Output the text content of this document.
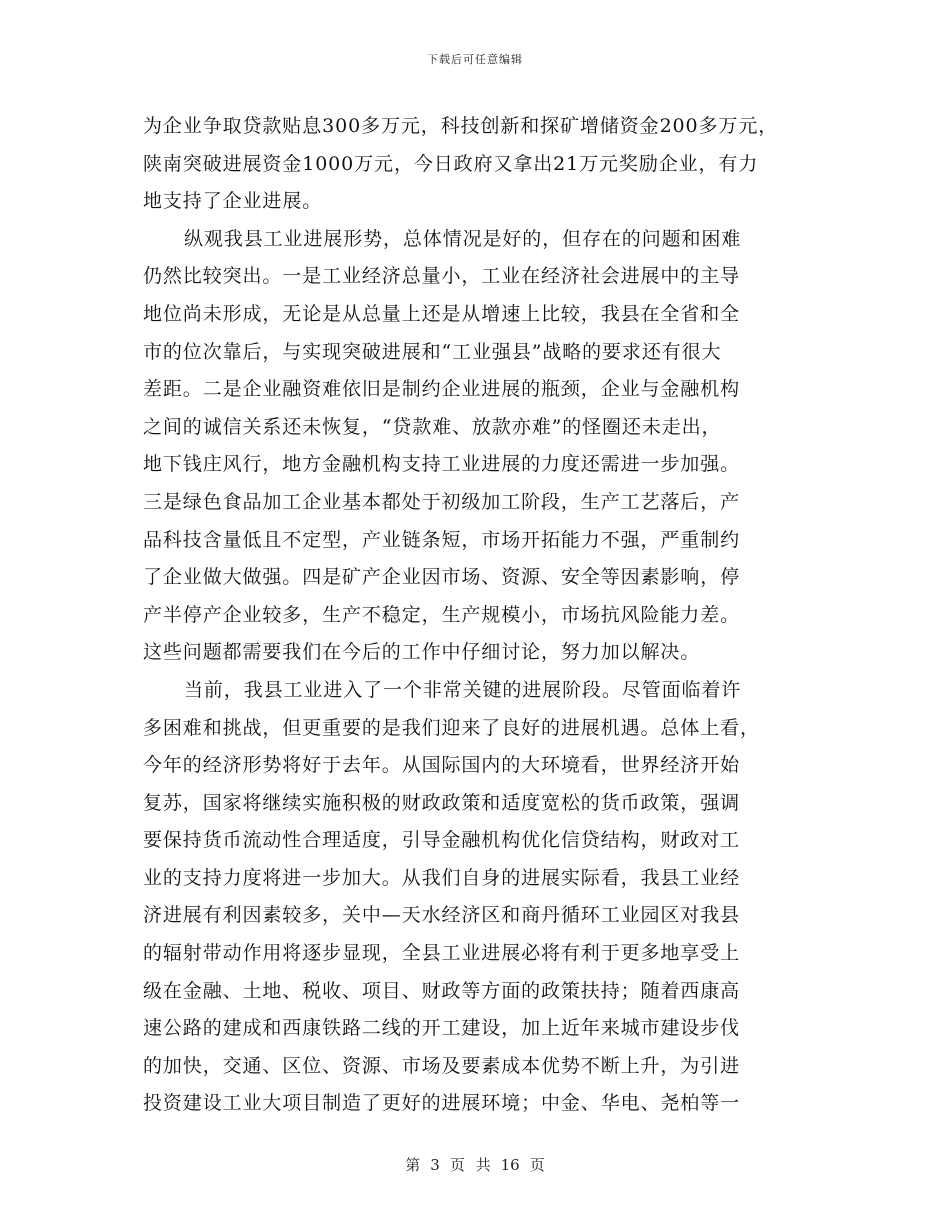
下载后可任意编辑
为企业争取贷款贴息300多万元，科技创新和探矿增储资金200多万元，
陕南突破进展资金1000万元，今日政府又拿出21万元奖励企业，有力
地支持了企业进展。
纵观我县工业进展形势，总体情况是好的，但存在的问题和困难
仍然比较突出。一是工业经济总量小，工业在经济社会进展中的主导
地位尚未形成，无论是从总量上还是从增速上比较，我县在全省和全
市的位次靠后，与实现突破进展和“工业强县”战略的要求还有很大
差距。二是企业融资难依旧是制约企业进展的瓶颈，企业与金融机构
之间的诚信关系还未恢复，“贷款难、放款亦难”的怪圈还未走出，
地下钱庄风行，地方金融机构支持工业进展的力度还需进一步加强。
三是绿色食品加工企业基本都处于初级加工阶段，生产工艺落后，产
品科技含量低且不定型，产业链条短，市场开拓能力不强，严重制约
了企业做大做强。四是矿产企业因市场、资源、安全等因素影响，停
产半停产企业较多，生产不稳定，生产规模小，市场抗风险能力差。
这些问题都需要我们在今后的工作中仔细讨论，努力加以解决。
当前，我县工业进入了一个非常关键的进展阶段。尽管面临着许
多困难和挑战，但更重要的是我们迎来了良好的进展机遇。总体上看，
今年的经济形势将好于去年。从国际国内的大环境看，世界经济开始
复苏，国家将继续实施积极的财政政策和适度宽松的货币政策，强调
要保持货币流动性合理适度，引导金融机构优化信贷结构，财政对工
业的支持力度将进一步加大。从我们自身的进展实际看，我县工业经
济进展有利因素较多，关中—天水经济区和商丹循环工业园区对我县
的辐射带动作用将逐步显现，全县工业进展必将有利于更多地享受上
级在金融、土地、税收、项目、财政等方面的政策扶持；随着西康高
速公路的建成和西康铁路二线的开工建设，加上近年来城市建设步伐
的加快，交通、区位、资源、市场及要素成本优势不断上升，为引进
投资建设工业大项目制造了更好的进展环境；中金、华电、尧柏等一
第 3 页 共 16 页
